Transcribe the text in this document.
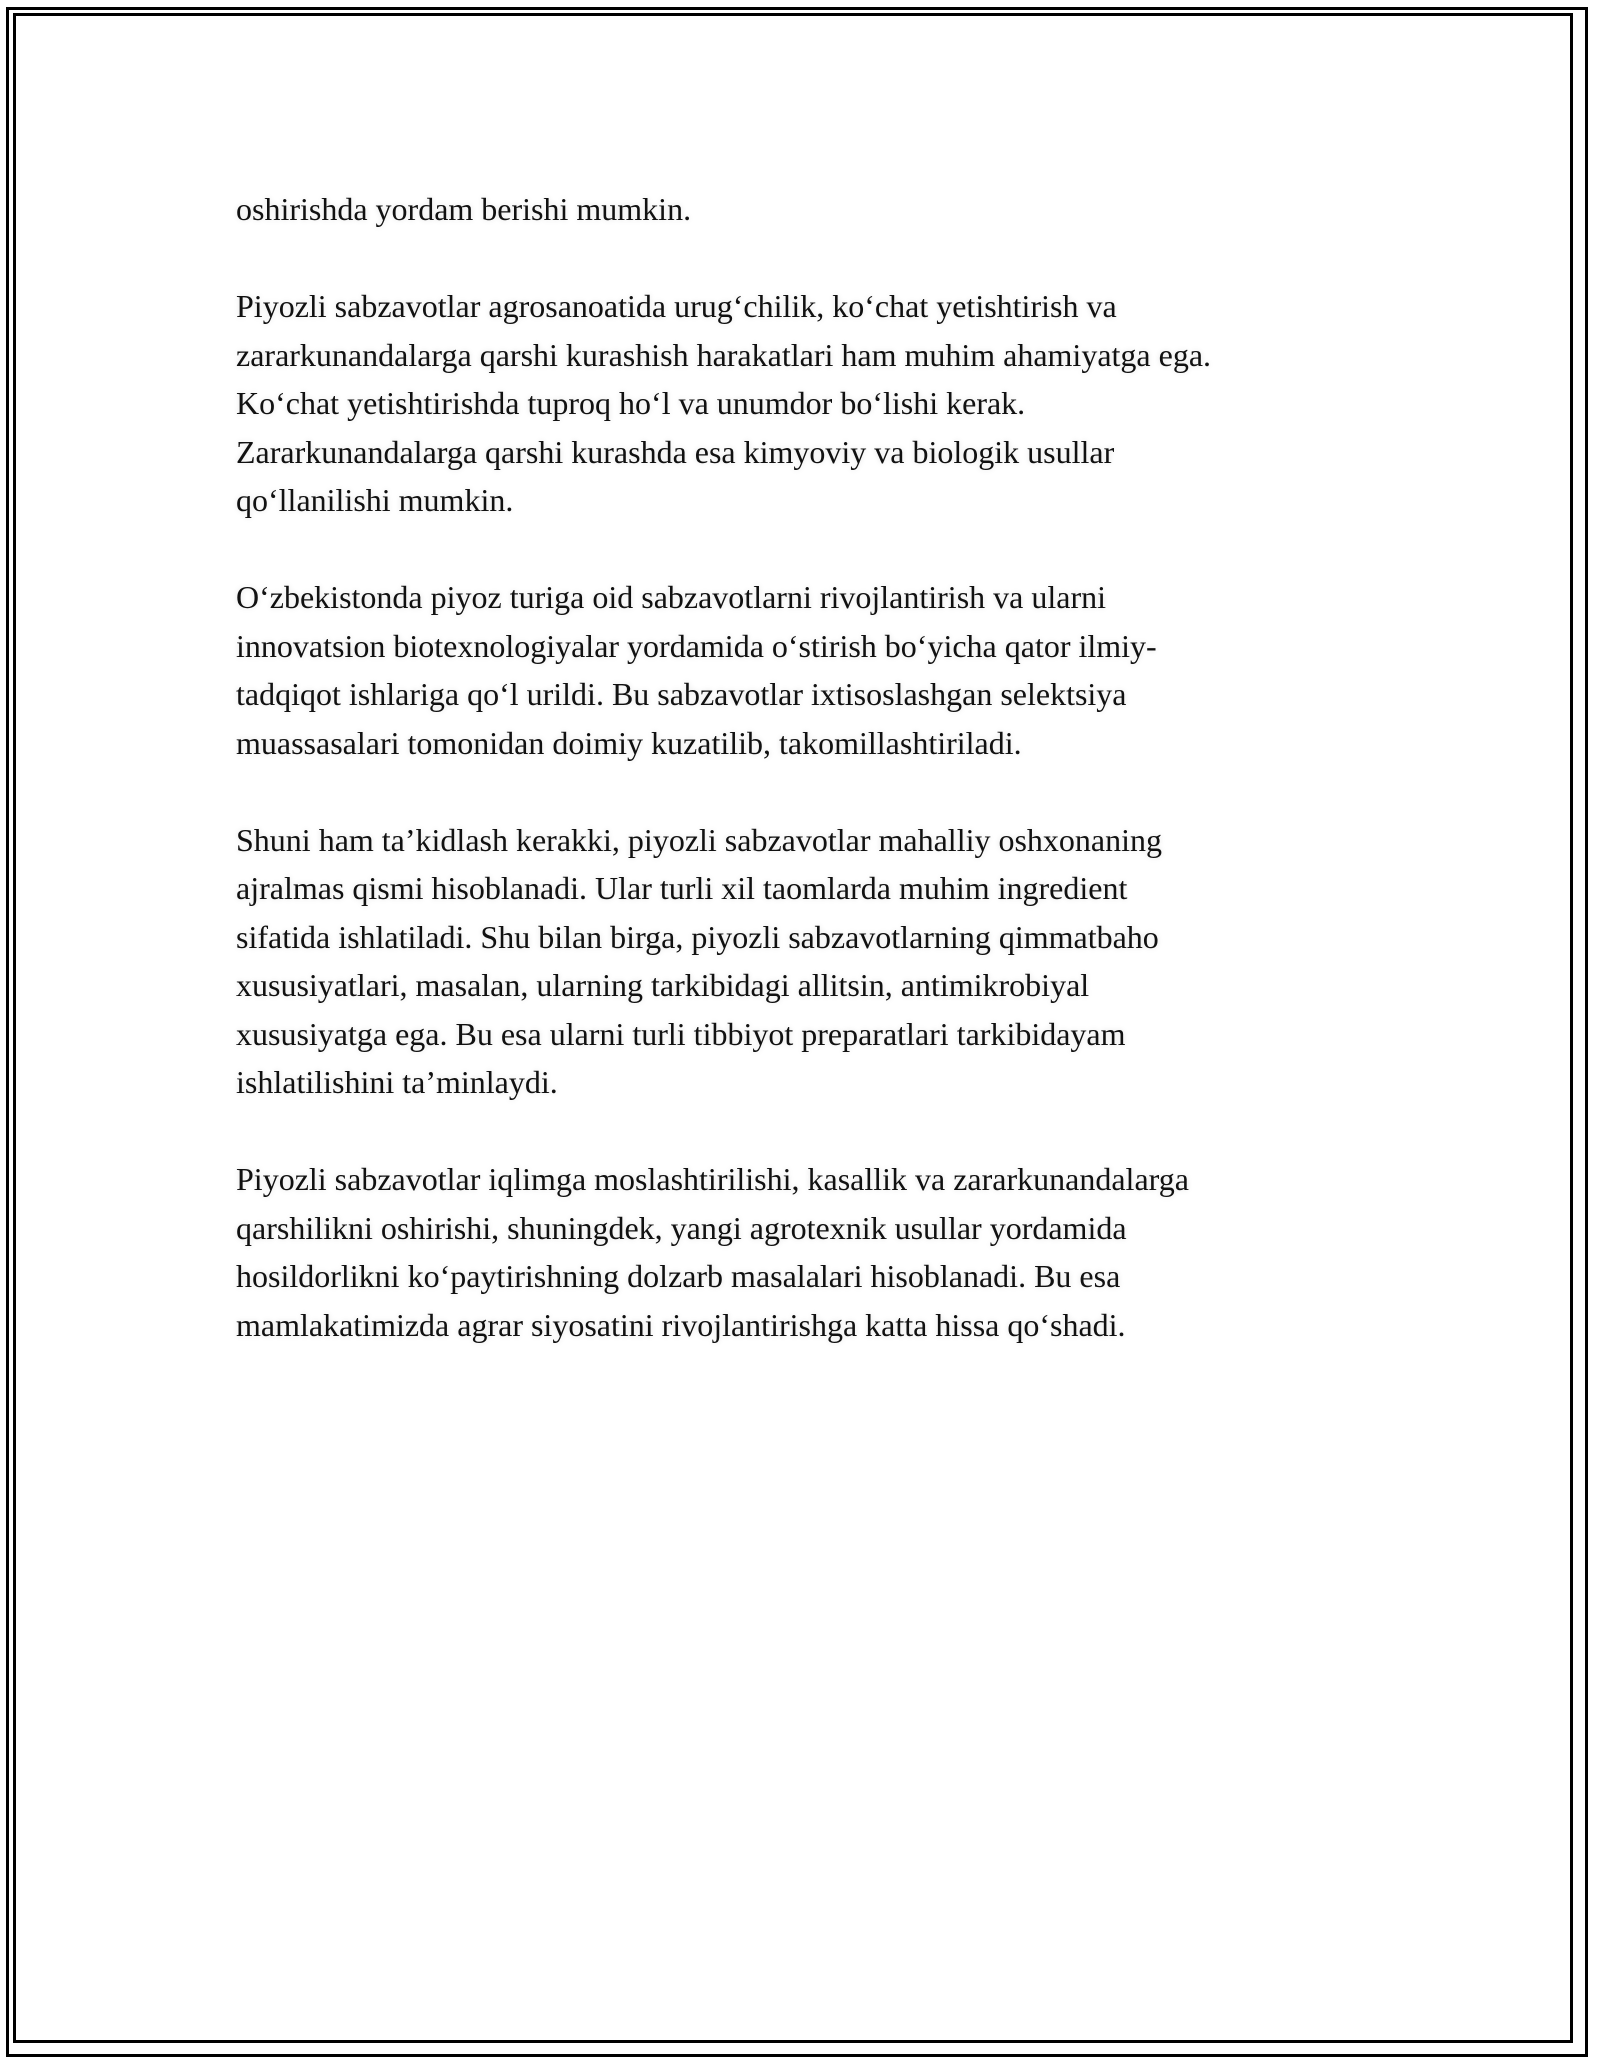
oshirishda yordam berishi mumkin.

Piyozli sabzavotlar agrosanoatida urug‘chilik, ko‘chat yetishtirish va
zararkunandalarga qarshi kurashish harakatlari ham muhim ahamiyatga ega.
Ko‘chat yetishtirishda tuproq ho‘l va unumdor bo‘lishi kerak.
Zararkunandalarga qarshi kurashda esa kimyoviy va biologik usullar
qo‘llanilishi mumkin.

O‘zbekistonda piyoz turiga oid sabzavotlarni rivojlantirish va ularni
innovatsion biotexnologiyalar yordamida o‘stirish bo‘yicha qator ilmiy-
tadqiqot ishlariga qo‘l urildi. Bu sabzavotlar ixtisoslashgan selektsiya
muassasalari tomonidan doimiy kuzatilib, takomillashtiriladi.

Shuni ham ta’kidlash kerakki, piyozli sabzavotlar mahalliy oshxonaning
ajralmas qismi hisoblanadi. Ular turli xil taomlarda muhim ingredient
sifatida ishlatiladi. Shu bilan birga, piyozli sabzavotlarning qimmatbaho
xususiyatlari, masalan, ularning tarkibidagi allitsin, antimikrobiyal
xususiyatga ega. Bu esa ularni turli tibbiyot preparatlari tarkibidayam
ishlatilishini ta’minlaydi.

Piyozli sabzavotlar iqlimga moslashtirilishi, kasallik va zararkunandalarga
qarshilikni oshirishi, shuningdek, yangi agrotexnik usullar yordamida
hosildorlikni ko‘paytirishning dolzarb masalalari hisoblanadi. Bu esa
mamlakatimizda agrar siyosatini rivojlantirishga katta hissa qo‘shadi.
